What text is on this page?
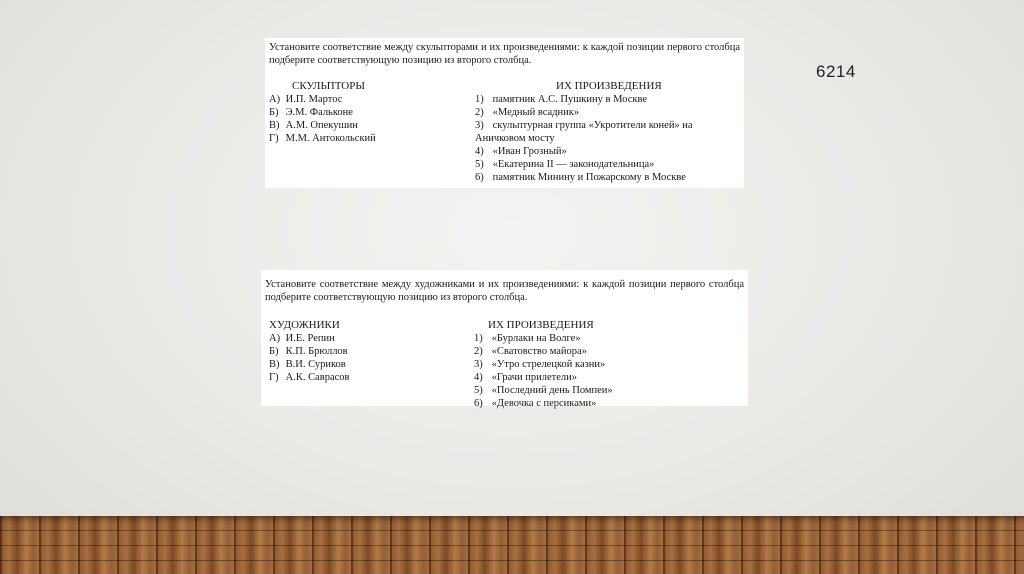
6214
Установите соответствие между скульпторами и их произведениями: к каждой позиции первого столбца подберите соответствующую позицию из второго столбца.
СКУЛЬПТОРЫ	ИХ ПРОИЗВЕДЕНИЯ
А) И.П. Мартос
Б) Э.М. Фальконе
В) А.М. Опекушин
Г) М.М. Антокольский
1) памятник А.С. Пушкину в Москве
2) «Медный всадник»
3) скульптурная группа «Укротители коней» на Аничковом мосту
4) «Иван Грозный»
5) «Екатерина II — законодательница»
6) памятник Минину и Пожарскому в Москве
Установите соответствие между художниками и их произведениями: к каждой позиции первого столбца подберите соответствующую позицию из второго столбца.
ХУДОЖНИКИ	ИХ ПРОИЗВЕДЕНИЯ
А) И.Е. Репин
Б) К.П. Брюллов
В) В.И. Суриков
Г) А.К. Саврасов
1) «Бурлаки на Волге»
2) «Сватовство майора»
3) «Утро стрелецкой казни»
4) «Грачи прилетели»
5) «Последний день Помпеи»
6) «Девочка с персиками»
